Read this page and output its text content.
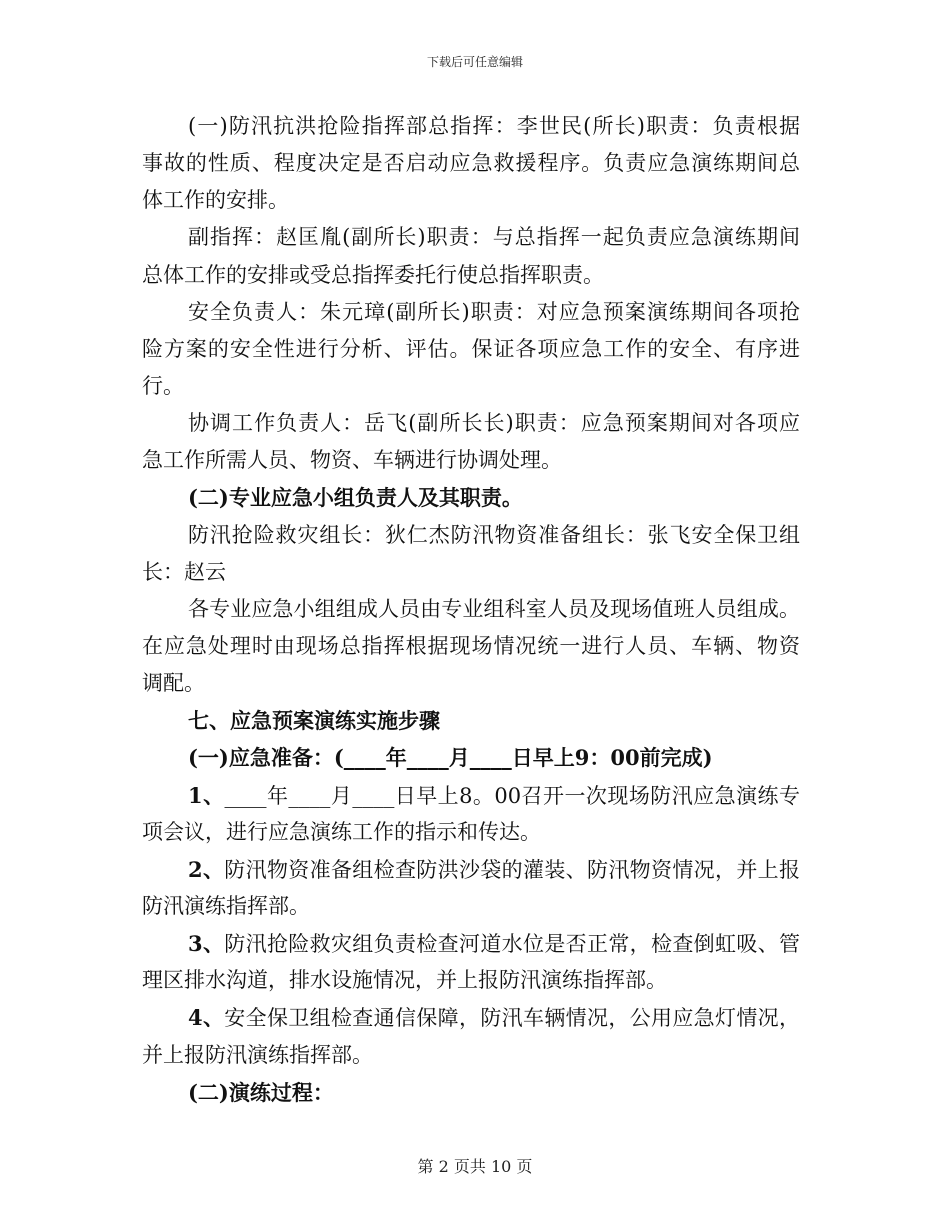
下载后可任意编辑
(一)防汛抗洪抢险指挥部总指挥：李世民(所长)职责：负责根据
事故的性质、程度决定是否启动应急救援程序。负责应急演练期间总
体工作的安排。
副指挥：赵匡胤(副所长)职责：与总指挥一起负责应急演练期间
总体工作的安排或受总指挥委托行使总指挥职责。
安全负责人：朱元璋(副所长)职责：对应急预案演练期间各项抢
险方案的安全性进行分析、评估。保证各项应急工作的安全、有序进
行。
协调工作负责人：岳飞(副所长长)职责：应急预案期间对各项应
急工作所需人员、物资、车辆进行协调处理。
(二)专业应急小组负责人及其职责。
防汛抢险救灾组长：狄仁杰防汛物资准备组长：张飞安全保卫组
长：赵云
各专业应急小组组成人员由专业组科室人员及现场值班人员组成。
在应急处理时由现场总指挥根据现场情况统一进行人员、车辆、物资
调配。
七、应急预案演练实施步骤
(一)应急准备：(____年____月____日早上9：00前完成)
1、____年____月____日早上8。00召开一次现场防汛应急演练专
项会议，进行应急演练工作的指示和传达。
2、防汛物资准备组检查防洪沙袋的灌装、防汛物资情况，并上报
防汛演练指挥部。
3、防汛抢险救灾组负责检查河道水位是否正常，检查倒虹吸、管
理区排水沟道，排水设施情况，并上报防汛演练指挥部。
4、安全保卫组检查通信保障，防汛车辆情况，公用应急灯情况，
并上报防汛演练指挥部。
(二)演练过程：
第 2 页共 10 页
